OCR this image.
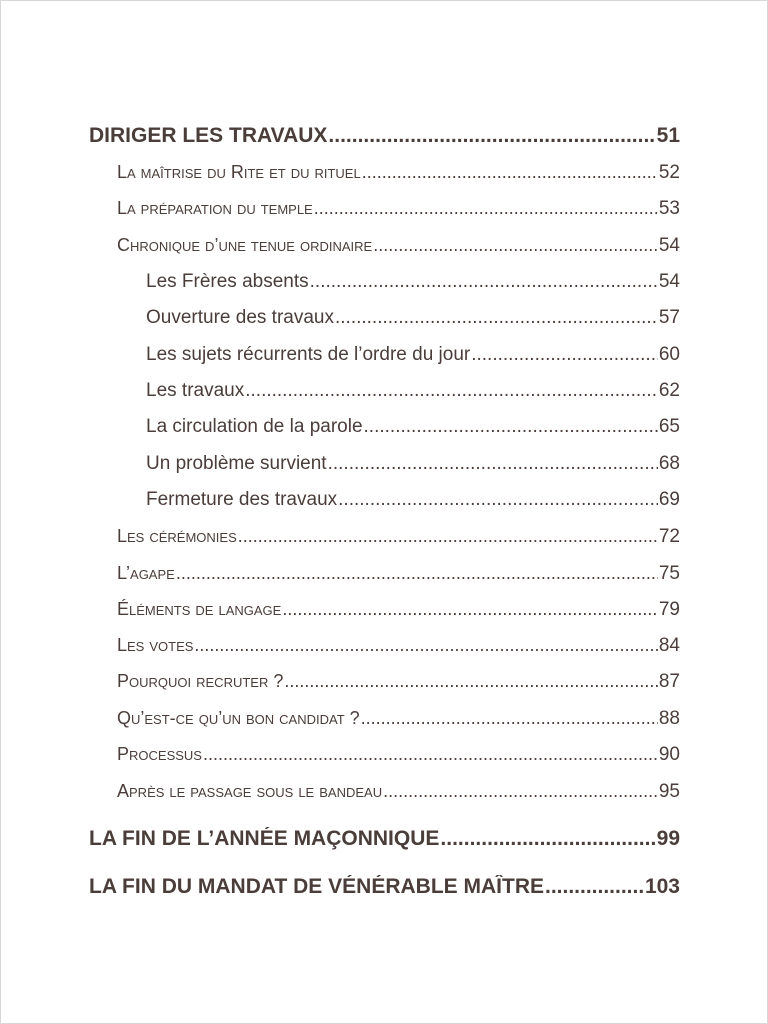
DIRIGER LES TRAVAUX .....	51
La maîtrise du Rite et du rituel .....	52
La préparation du temple .....	53
Chronique d’une tenue ordinaire .....	54
Les Frères absents .....	54
Ouverture des travaux .....	57
Les sujets récurrents de l’ordre du jour .....	60
Les travaux .....	62
La circulation de la parole .....	65
Un problème survient .....	68
Fermeture des travaux .....	69
Les cérémonies .....	72
L’agape .....	75
Éléments de langage .....	79
Les votes .....	84
Pourquoi recruter ? .....	87
Qu’est-ce qu’un bon candidat ? .....	88
Processus .....	90
Après le passage sous le bandeau .....	95
LA FIN DE L’ANNÉE MAÇONNIQUE .....	99
LA FIN DU MANDAT DE VÉNÉRABLE MAÎTRE .....	103
